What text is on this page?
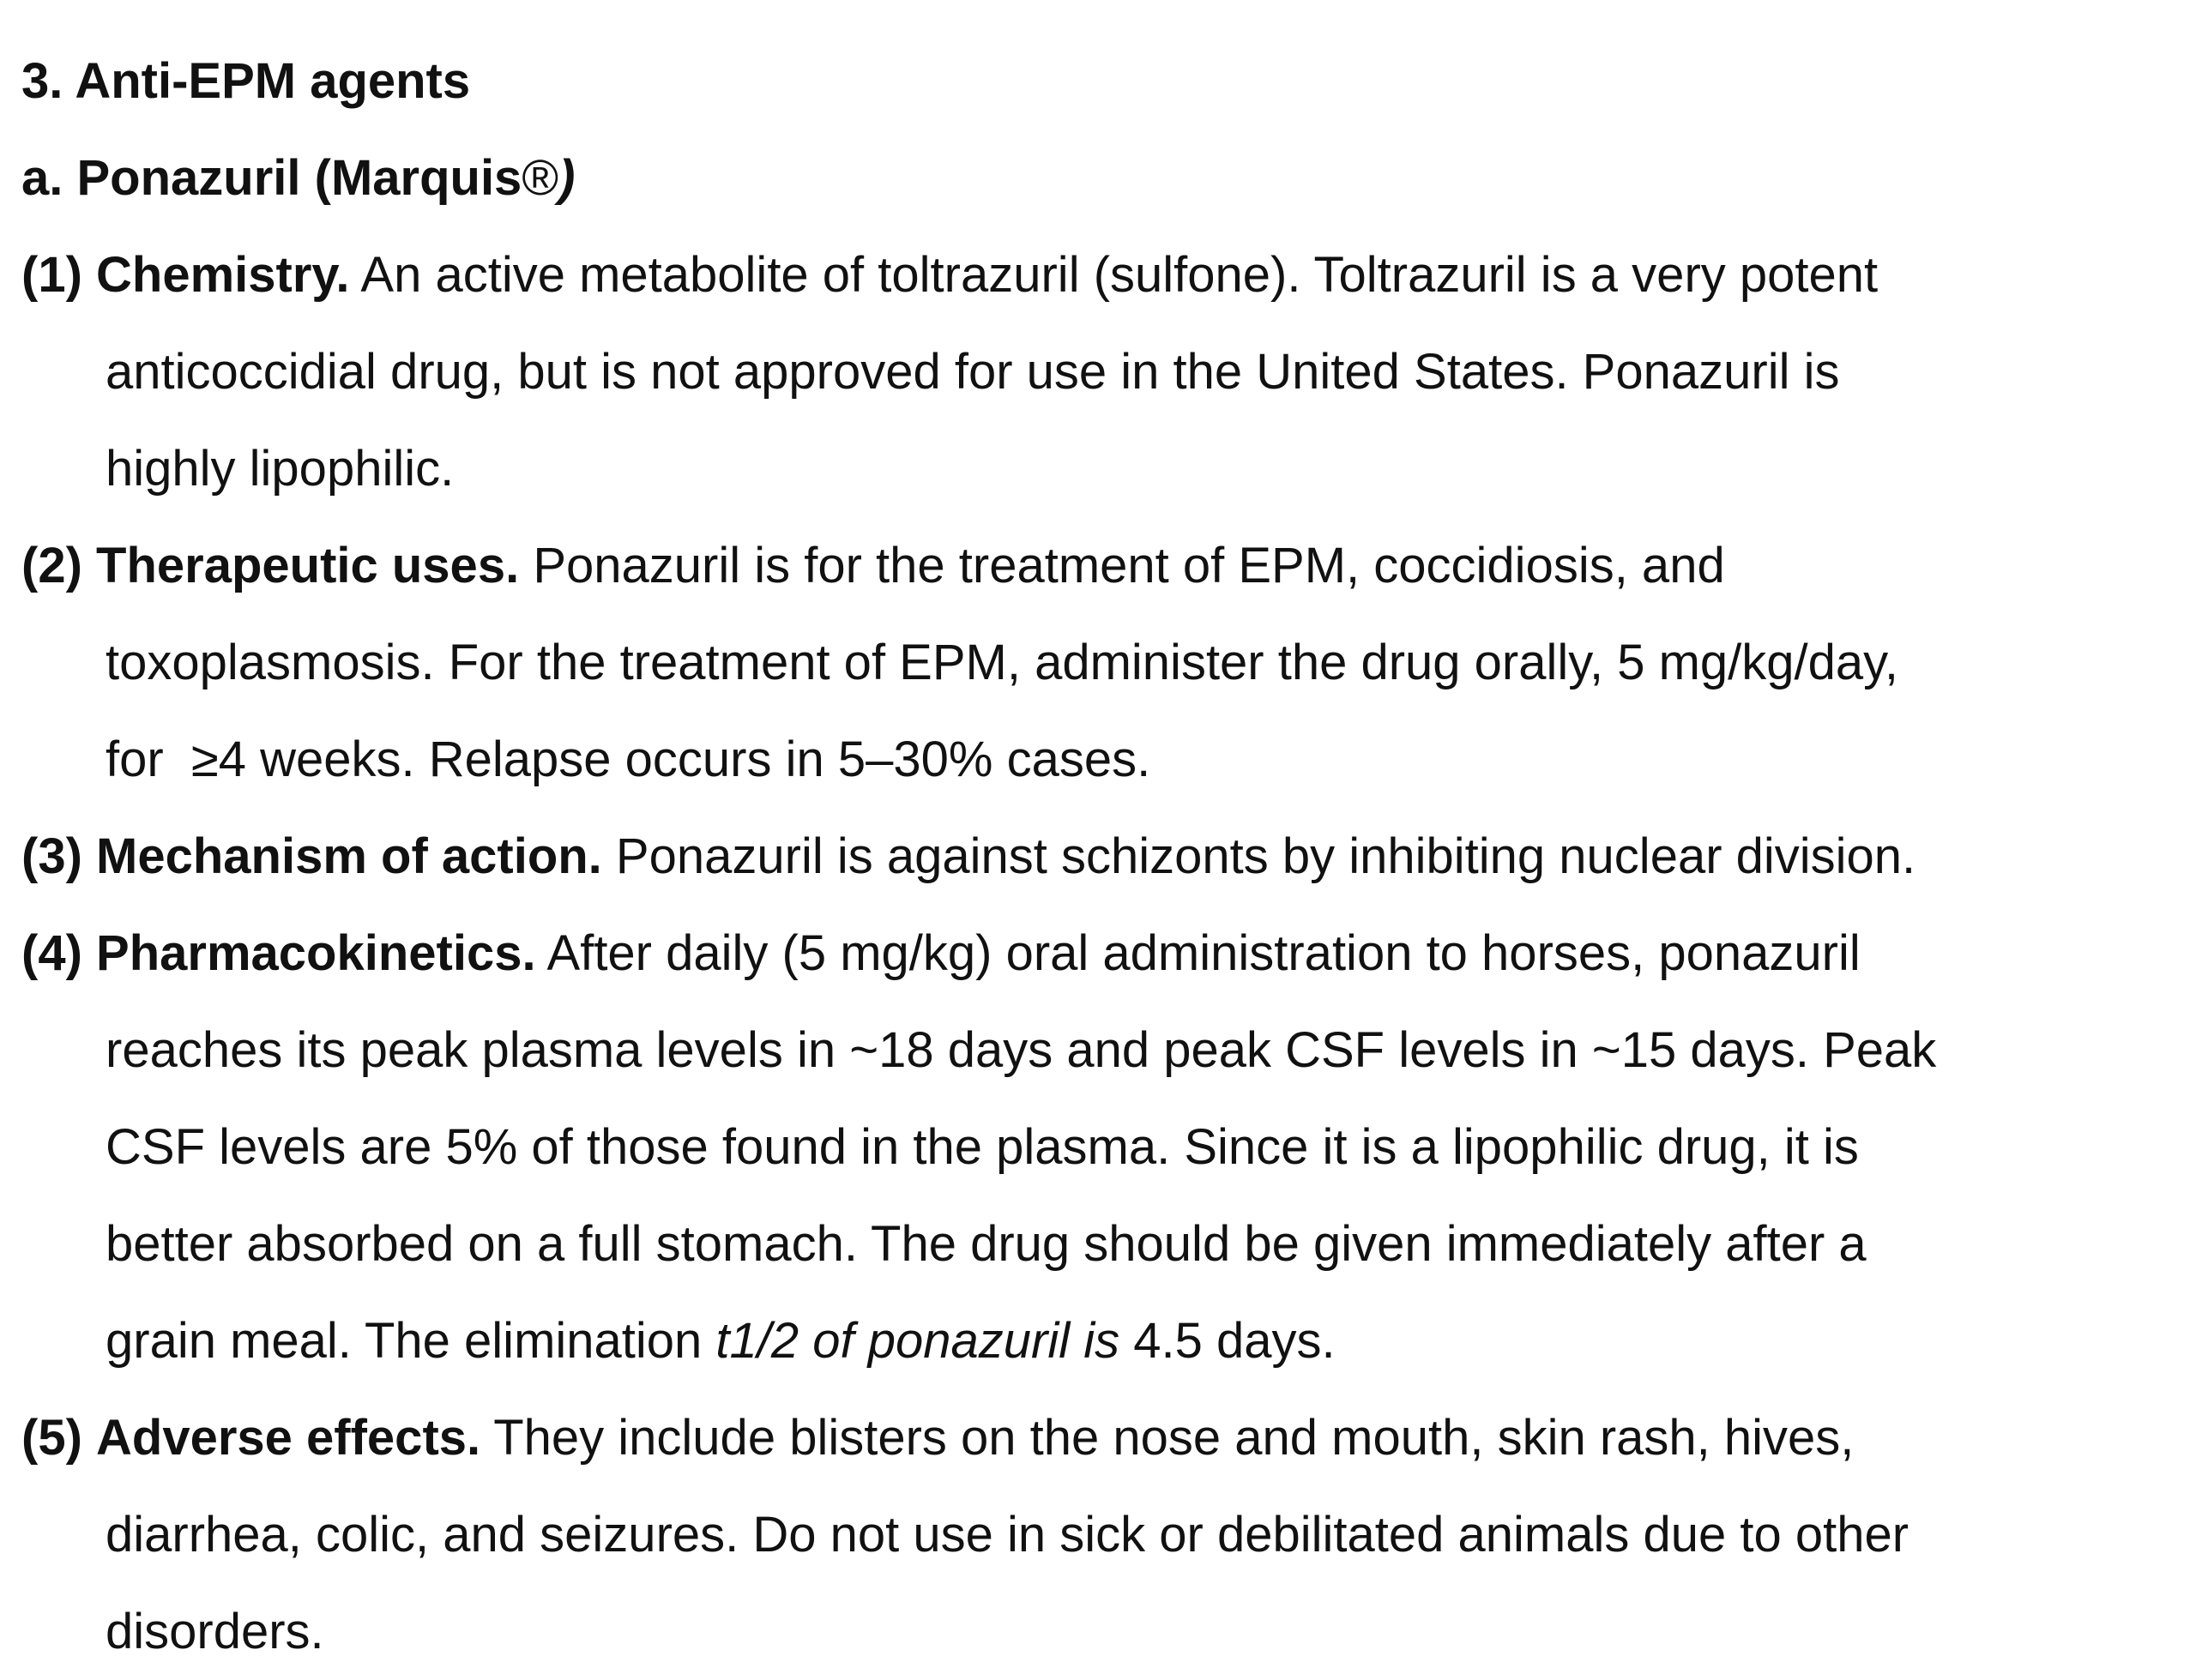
3. Anti-EPM agents
a. Ponazuril (Marquis®)
(1) Chemistry. An active metabolite of toltrazuril (sulfone). Toltrazuril is a very potent
anticoccidial drug, but is not approved for use in the United States. Ponazuril is
highly lipophilic.
(2) Therapeutic uses. Ponazuril is for the treatment of EPM, coccidiosis, and
toxoplasmosis. For the treatment of EPM, administer the drug orally, 5 mg/kg/day,
for  ≥4 weeks. Relapse occurs in 5–30% cases.
(3) Mechanism of action. Ponazuril is against schizonts by inhibiting nuclear division.
(4) Pharmacokinetics. After daily (5 mg/kg) oral administration to horses, ponazuril
reaches its peak plasma levels in ~18 days and peak CSF levels in ~15 days. Peak
CSF levels are 5% of those found in the plasma. Since it is a lipophilic drug, it is
better absorbed on a full stomach. The drug should be given immediately after a
grain meal. The elimination t1/2 of ponazuril is 4.5 days.
(5) Adverse effects. They include blisters on the nose and mouth, skin rash, hives,
diarrhea, colic, and seizures. Do not use in sick or debilitated animals due to other
disorders.
